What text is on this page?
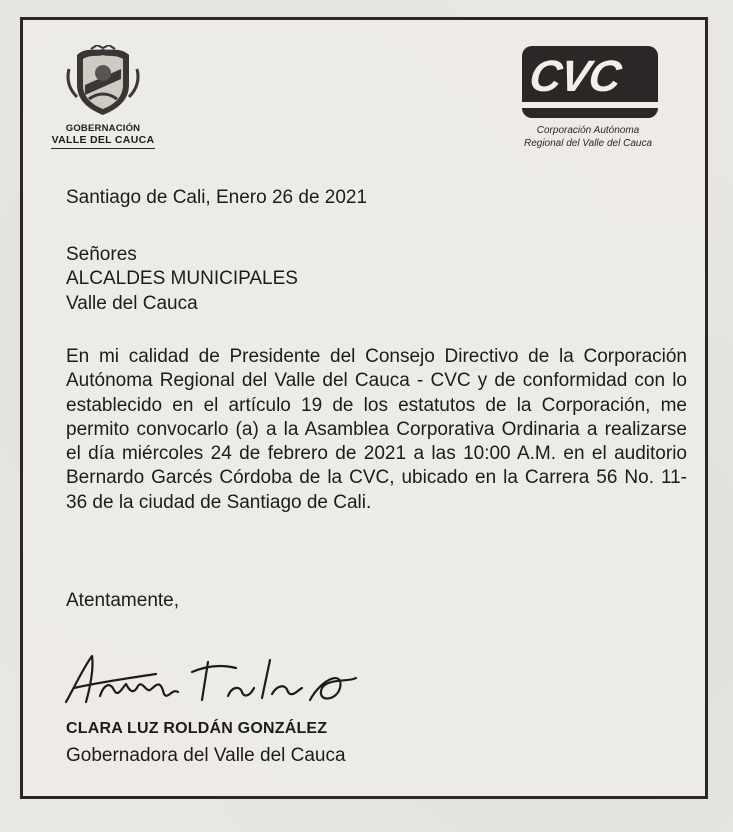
GOBERNACIÓN
VALLE DEL CAUCA
CVC
Corporación Autónoma
Regional del Valle del Cauca
Santiago de Cali, Enero 26 de 2021
Señores
ALCALDES MUNICIPALES
Valle del Cauca
En mi calidad de Presidente del Consejo Directivo de la Corporación Autónoma Regional del Valle del Cauca - CVC y de conformidad con lo establecido en el artículo 19 de los estatutos de la Corporación, me permito convocarlo (a) a la Asamblea Corporativa Ordinaria a realizarse el día miércoles 24 de febrero de 2021 a las 10:00 A.M. en el auditorio Bernardo Garcés Córdoba de la CVC, ubicado en la Carrera 56 No. 11-36 de la ciudad de Santiago de Cali.
Atentamente,
CLARA LUZ ROLDÁN GONZÁLEZ
Gobernadora del Valle del Cauca
